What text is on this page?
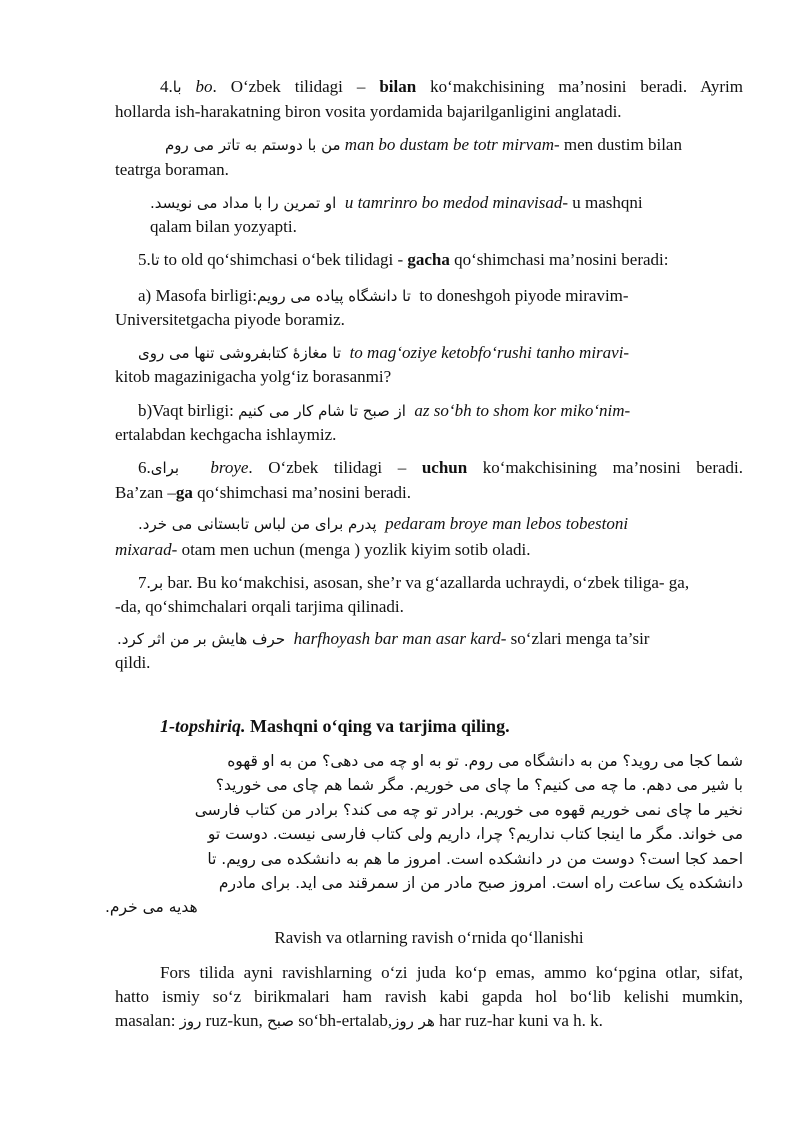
4.با bo. O‘zbek tilidagi – bilan ko‘makchisining ma’nosini beradi. Ayrim
hollarda ish-harakatning biron vosita yordamida bajarilganligini anglatadi.
من با دوستم به تاتر می روم man bo dustam be totr mirvam- men dustim bilan
teatrga boraman.
او تمرین را با مداد می نویسد. u tamrinro bo medod minavisad- u mashqni
qalam bilan yozyapti.
5.تا to old qo‘shimchasi o‘bek tilidagi - gacha qo‘shimchasi ma’nosini beradi:
a) Masofa birligi:تا دانشگاه پیاده می رویم to doneshgoh piyode miravim-
Universitetgacha piyode boramiz.
تا مغازهٔ کتابفروشی تنها می روی to mag‘oziye ketobfo‘rushi tanho miravi-
kitob magazinigacha yolg‘iz borasanmi?
b)Vaqt birligi: از صبح تا شام کار می کنیم az so‘bh to shom kor miko‘nim-
ertalabdan kechgacha ishlaymiz.
6.برای broye. O‘zbek tilidagi – uchun ko‘makchisining ma’nosini beradi.
Ba’zan –ga qo‘shimchasi ma’nosini beradi.
پدرم برای من لباس تابستانی می خرد. pedaram broye man lebos tobestoni
mixarad- otam men uchun (menga ) yozlik kiyim sotib oladi.
7.بر bar. Bu ko‘makchisi, asosan, she’r va g‘azallarda uchraydi, o‘zbek tiliga- ga,
-da, qo‘shimchalari orqali tarjima qilinadi.
حرف هایش بر من اثر کرد. harfhoyash bar man asar kard- so‘zlari menga ta’sir
qildi.
1-topshiriq. Mashqni o‘qing va tarjima qiling.
شما کجا می روید؟ من به دانشگاه می روم. تو به او چه می دهی؟ من به او قهوه
با شیر می دهم. ما چه می کنیم؟ ما چای می خوریم. مگر شما هم چای می خورید؟
نخیر ما چای نمی خوریم قهوه می خوریم. برادر تو چه می کند؟ برادر من کتاب فارسی
می خواند. مگر ما اینجا کتاب نداریم؟ چرا، داریم ولی کتاب فارسی نیست. دوست تو
احمد کجا است؟ دوست من در دانشکده است. امروز ما هم به دانشکده می رویم. تا
دانشکده یک ساعت راه است. امروز صبح مادر من از سمرقند می اید. برای مادرم
هدیه می خرم.
Ravish va otlarning ravish o‘rnida qo‘llanishi
Fors tilida ayni ravishlarning o‘zi juda ko‘p emas, ammo ko‘pgina otlar, sifat,
hatto ismiy so‘z birikmalari ham ravish kabi gapda hol bo‘lib kelishi mumkin,
masalan: روز ruz-kun, صبح so‘bh-ertalab,هر روز har ruz-har kuni va h. k.
